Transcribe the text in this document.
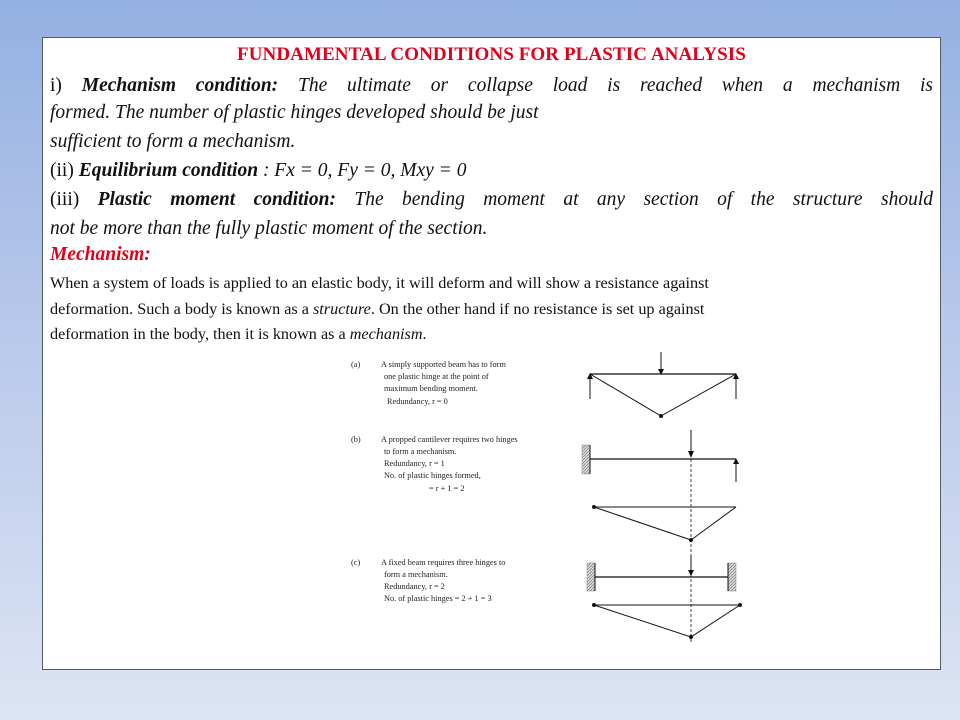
FUNDAMENTAL CONDITIONS FOR PLASTIC ANALYSIS
i) Mechanism condition: The ultimate or collapse load is reached when a mechanism is
formed. The number of plastic hinges developed should be just
sufficient to form a mechanism.
(ii) Equilibrium condition : Fx = 0, Fy = 0, Mxy = 0
(iii) Plastic moment condition: The bending moment at any section of the structure should
not be more than the fully plastic moment of the section.
Mechanism:
When a system of loads is applied to an elastic body, it will deform and will show a resistance against
deformation. Such a body is known as a structure. On the other hand if no resistance is set up against
deformation in the body, then it is known as a mechanism.
(a)	A simply supported beam has to form
one plastic hinge at the point of
maximum bending moment.
Redundancy, r = 0
(b) A propped cantilever requires two hinges
to form a mechanism.
Redundancy, r = 1
No. of plastic hinges formed,
= r + 1 = 2
(c)	A fixed beam requires three hinges to
form a mechanism.
Redundancy, r = 2
No. of plastic hinges = 2 + 1 = 3
